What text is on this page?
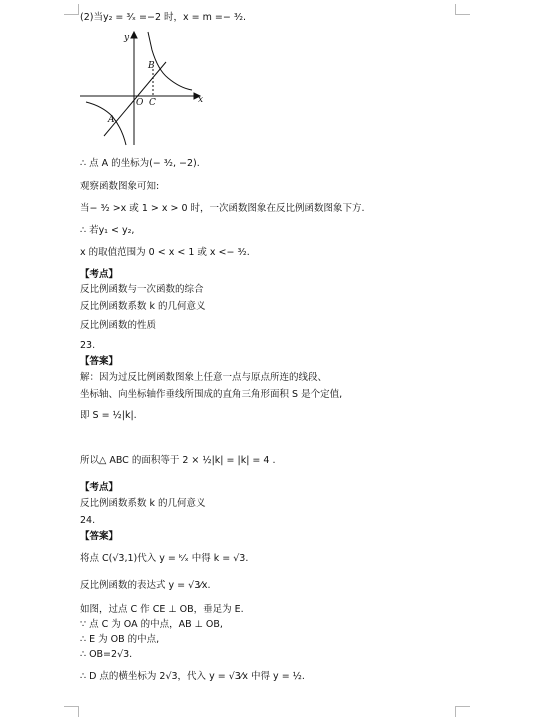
(2)当y₂ = ³⁄ₓ =−2 时，x = m =− ³⁄₂.
y
x
O C
B
A
∴ 点 A 的坐标为(− ³⁄₂, −2).
观察函数图象可知:
当− ³⁄₂ >x 或 1 > x > 0 时，一次函数图象在反比例函数图象下方.
∴ 若y₁ < y₂,
x 的取值范围为 0 < x < 1 或 x <− ³⁄₂.
【考点】
反比例函数与一次函数的综合
反比例函数系数 k 的几何意义
反比例函数的性质
23.
【答案】
解：因为过反比例函数图象上任意一点与原点所连的线段、
坐标轴、向坐标轴作垂线所围成的直角三角形面积 S 是个定值,
即 S = ½|k|.
所以△ ABC 的面积等于 2 × ½|k| = |k| = 4 .
【考点】
反比例函数系数 k 的几何意义
24.
【答案】
将点 C(√3,1)代入 y = ᵏ⁄ₓ 中得 k = √3.
反比例函数的表达式 y = √3⁄x.
如图，过点 C 作 CE ⊥ OB，垂足为 E.
∵ 点 C 为 OA 的中点，AB ⊥ OB,
∴ E 为 OB 的中点,
∴ OB=2√3.
∴ D 点的横坐标为 2√3，代入 y = √3⁄x 中得 y = ½.
